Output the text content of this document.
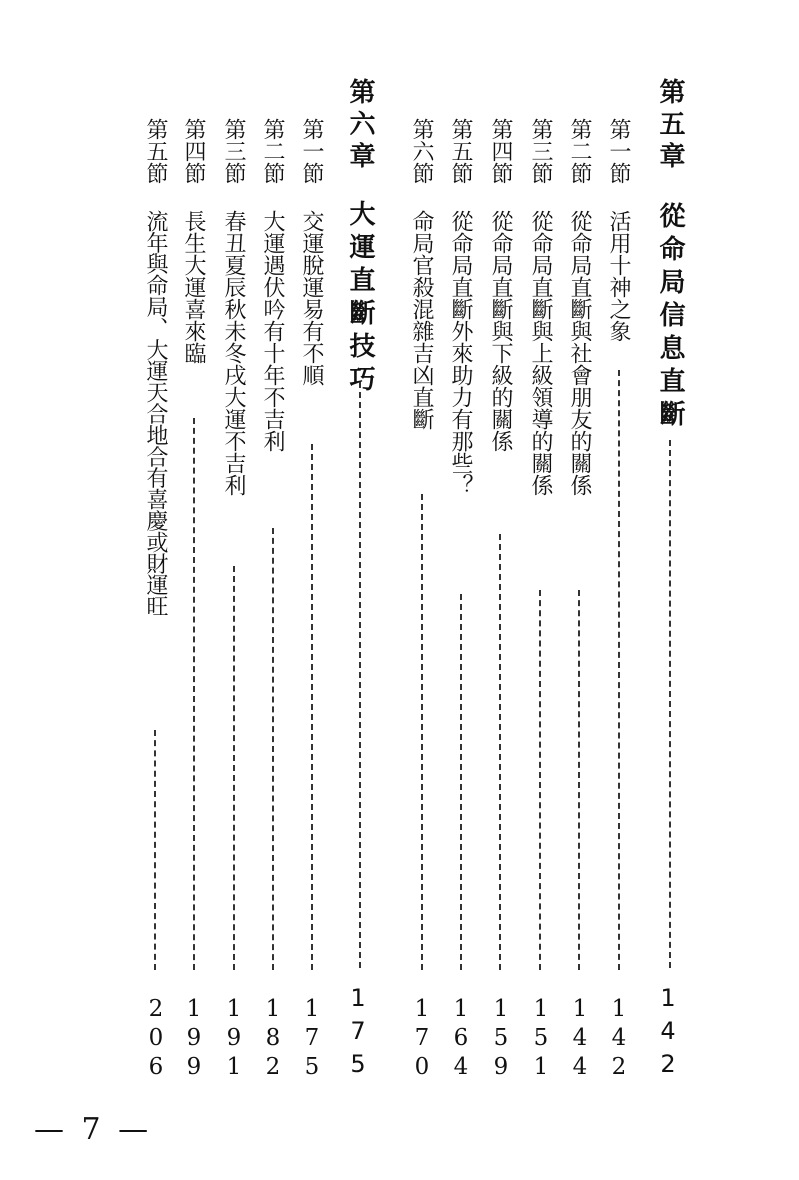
第五章
從命局信息直斷
142
第一節
活用十神之象
142
第二節
從命局直斷與社會朋友的關係
144
第三節
從命局直斷與上級領導的關係
151
第四節
從命局直斷與下級的關係
159
第五節
從命局直斷外來助力有那些？
164
第六節
命局官殺混雜吉凶直斷
170
第六章
大運直斷技巧
175
第一節
交運脫運易有不順
175
第二節
大運遇伏吟有十年不吉利
182
第三節
春丑夏辰秋未冬戌大運不吉利
191
第四節
長生大運喜來臨
199
第五節
流年與命局、大運天合地合有喜慶或財運旺
206
— 7 —
